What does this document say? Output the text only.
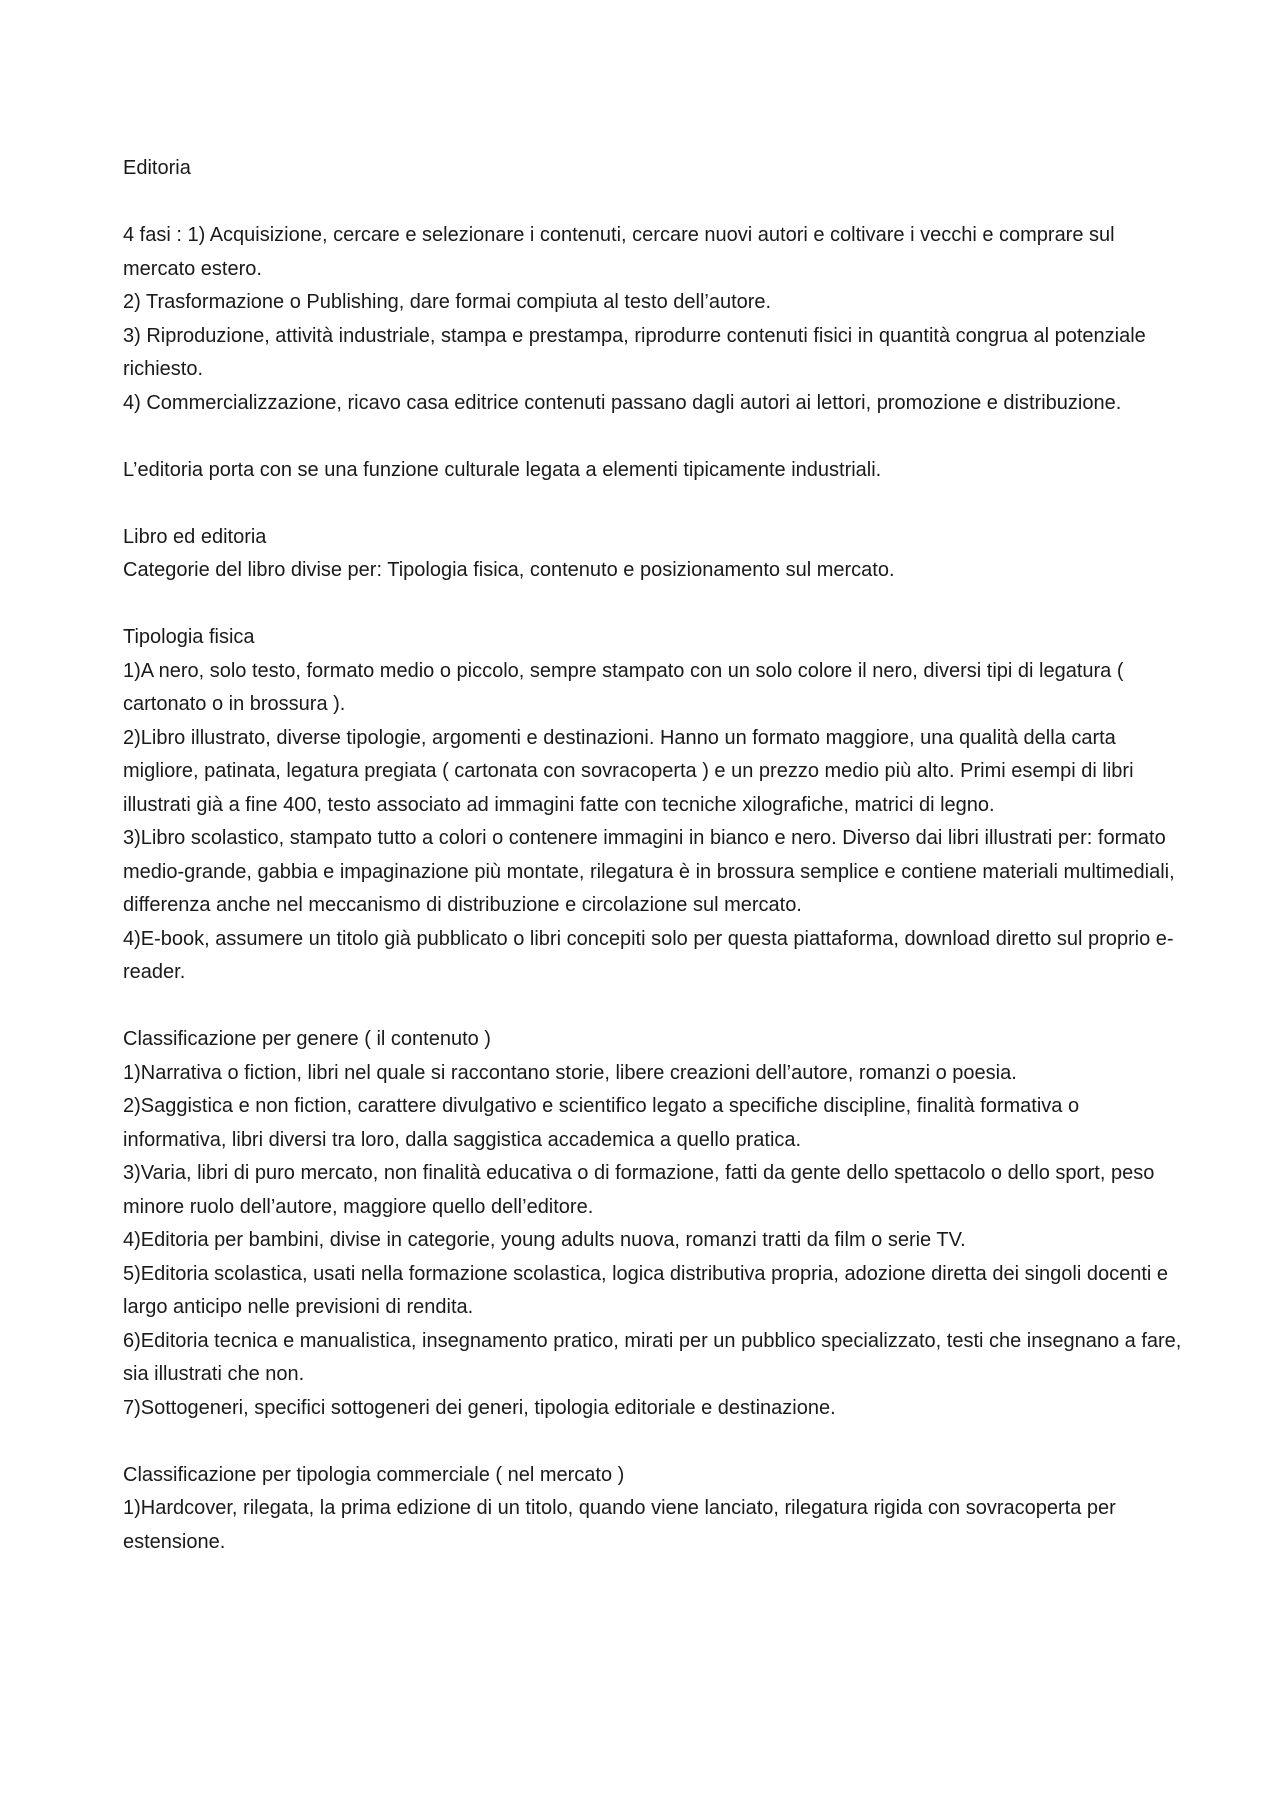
Editoria

4 fasi : 1) Acquisizione, cercare e selezionare i contenuti, cercare nuovi autori e coltivare i vecchi e comprare sul mercato estero.

2) Trasformazione o Publishing, dare formai compiuta al testo dell’autore.

3) Riproduzione, attività industriale, stampa e prestampa, riprodurre contenuti fisici in quantità congrua al potenziale richiesto.

4) Commercializzazione, ricavo casa editrice contenuti passano dagli autori ai lettori, promozione e distribuzione.

L’editoria porta con se una funzione culturale legata a elementi tipicamente industriali.

Libro ed editoria

Categorie del libro divise per: Tipologia fisica, contenuto e posizionamento sul mercato.

Tipologia fisica

1)A nero, solo testo, formato medio o piccolo, sempre stampato con un solo colore il nero, diversi tipi di legatura ( cartonato o in brossura ).

2)Libro illustrato, diverse tipologie, argomenti e destinazioni. Hanno un formato maggiore, una qualità della carta migliore, patinata, legatura pregiata ( cartonata con sovracoperta ) e un prezzo medio più alto. Primi esempi di libri illustrati già a fine 400, testo associato ad immagini fatte con tecniche xilografiche, matrici di legno.

3)Libro scolastico, stampato tutto a colori o contenere immagini in bianco e nero. Diverso dai libri illustrati per: formato medio-grande, gabbia e impaginazione più montate, rilegatura è in brossura semplice e contiene materiali multimediali, differenza anche nel meccanismo di distribuzione e circolazione sul mercato.

4)E-book, assumere un titolo già pubblicato o libri concepiti solo per questa piattaforma, download diretto sul proprio e-reader.

Classificazione per genere ( il contenuto )

1)Narrativa o fiction, libri nel quale si raccontano storie, libere creazioni dell’autore, romanzi o poesia.

2)Saggistica e non fiction, carattere divulgativo e scientifico legato a specifiche discipline, finalità formativa o informativa, libri diversi tra loro, dalla saggistica accademica a quello pratica.

3)Varia, libri di puro mercato, non finalità educativa o di formazione, fatti da gente dello spettacolo o dello sport, peso minore ruolo dell’autore, maggiore quello dell’editore.

4)Editoria per bambini, divise in categorie, young adults nuova, romanzi tratti da film o serie TV.

5)Editoria scolastica, usati nella formazione scolastica, logica distributiva propria, adozione diretta dei singoli docenti e largo anticipo nelle previsioni di rendita.

6)Editoria tecnica e manualistica, insegnamento pratico, mirati per un pubblico specializzato, testi che insegnano a fare, sia illustrati che non.

7)Sottogeneri, specifici sottogeneri dei generi, tipologia editoriale e destinazione.

Classificazione per tipologia commerciale ( nel mercato )

1)Hardcover, rilegata, la prima edizione di un titolo, quando viene lanciato, rilegatura rigida con sovracoperta per estensione.
